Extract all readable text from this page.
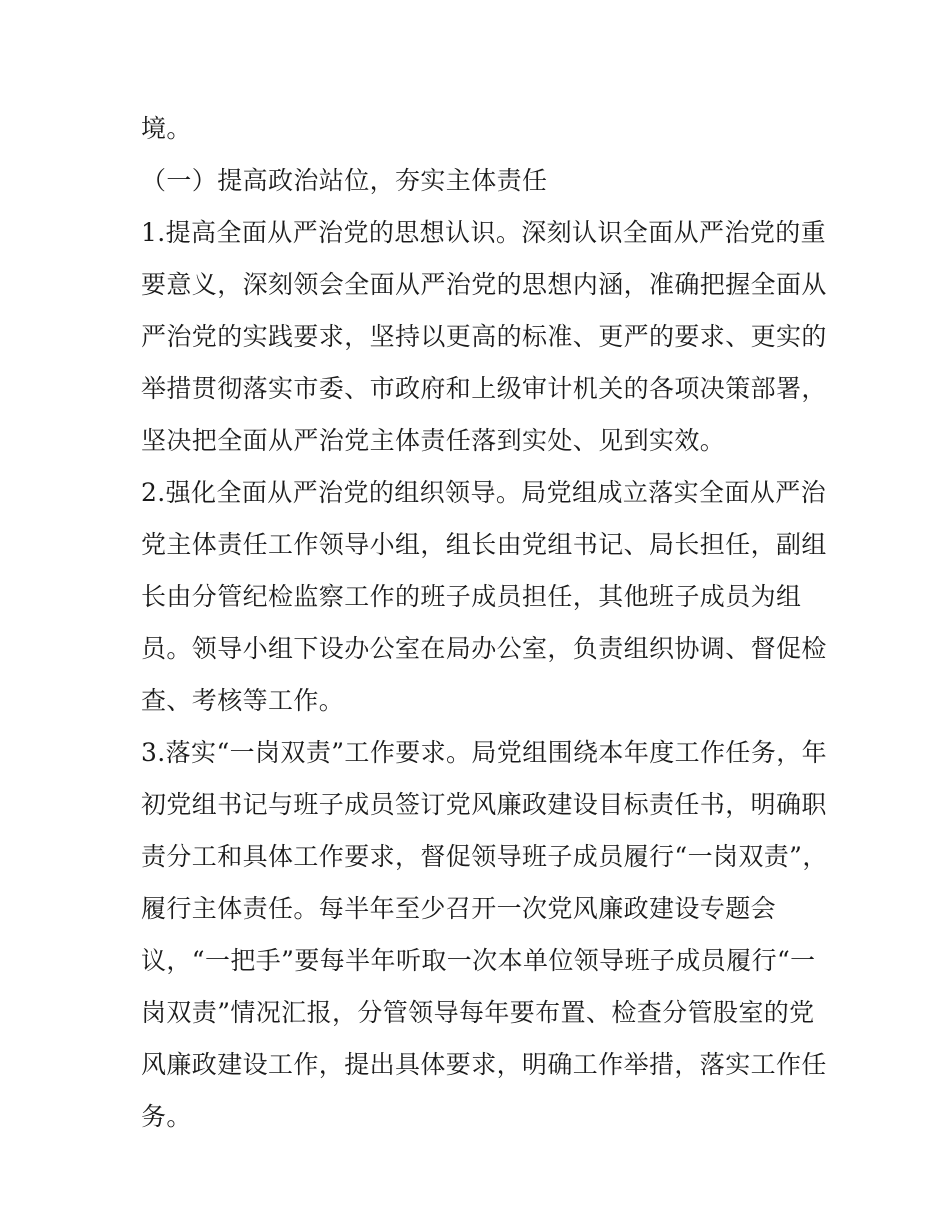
境。
（一）提高政治站位，夯实主体责任
1.提高全面从严治党的思想认识。深刻认识全面从严治党的重
要意义，深刻领会全面从严治党的思想内涵，准确把握全面从
严治党的实践要求，坚持以更高的标准、更严的要求、更实的
举措贯彻落实市委、市政府和上级审计机关的各项决策部署，
坚决把全面从严治党主体责任落到实处、见到实效。
2.强化全面从严治党的组织领导。局党组成立落实全面从严治
党主体责任工作领导小组，组长由党组书记、局长担任，副组
长由分管纪检监察工作的班子成员担任，其他班子成员为组
员。领导小组下设办公室在局办公室，负责组织协调、督促检
查、考核等工作。
3.落实“一岗双责”工作要求。局党组围绕本年度工作任务，年
初党组书记与班子成员签订党风廉政建设目标责任书，明确职
责分工和具体工作要求，督促领导班子成员履行“一岗双责”，
履行主体责任。每半年至少召开一次党风廉政建设专题会
议，“一把手”要每半年听取一次本单位领导班子成员履行“一
岗双责”情况汇报，分管领导每年要布置、检查分管股室的党
风廉政建设工作，提出具体要求，明确工作举措，落实工作任
务。
